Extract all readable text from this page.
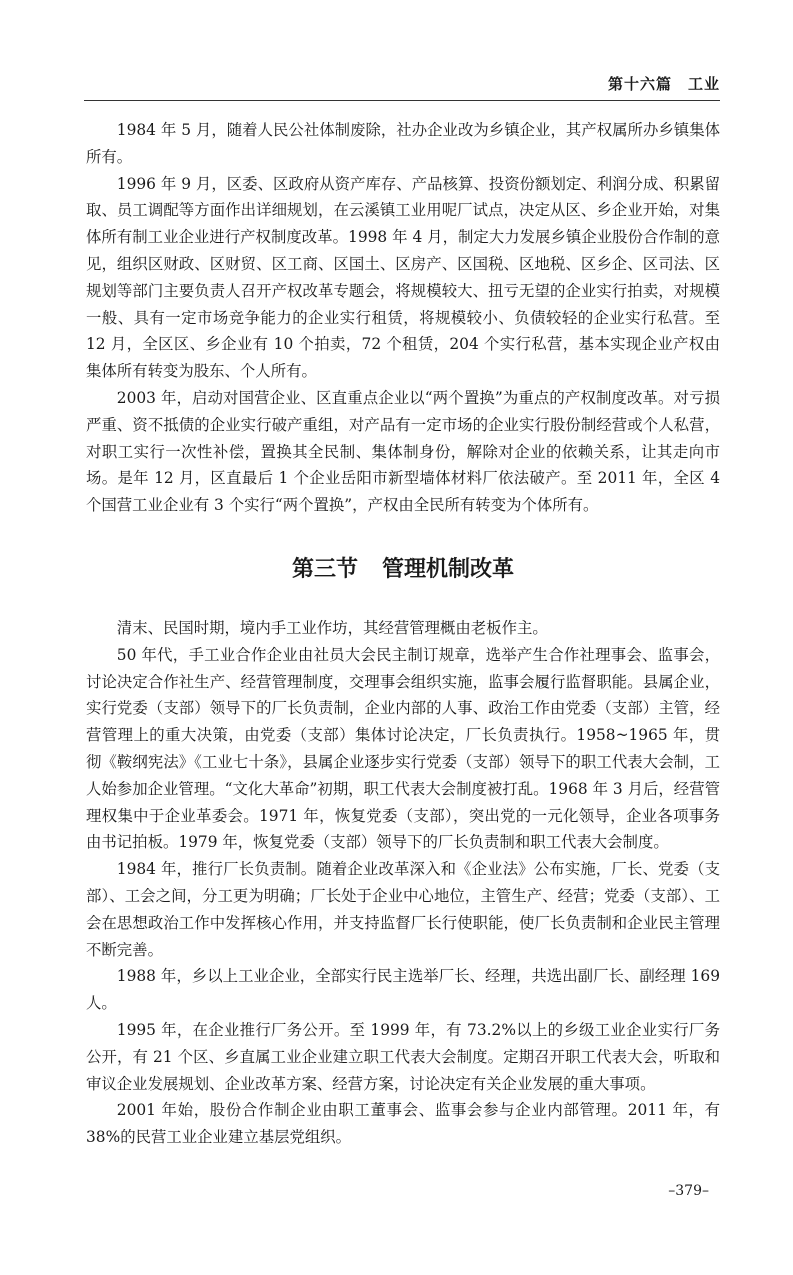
第十六篇 工业

1984 年 5 月，随着人民公社体制废除，社办企业改为乡镇企业，其产权属所办乡镇集体所有。

1996 年 9 月，区委、区政府从资产库存、产品核算、投资份额划定、利润分成、积累留取、员工调配等方面作出详细规划，在云溪镇工业用呢厂试点，决定从区、乡企业开始，对集体所有制工业企业进行产权制度改革。1998 年 4 月，制定大力发展乡镇企业股份合作制的意见，组织区财政、区财贸、区工商、区国土、区房产、区国税、区地税、区乡企、区司法、区规划等部门主要负责人召开产权改革专题会，将规模较大、扭亏无望的企业实行拍卖，对规模一般、具有一定市场竞争能力的企业实行租赁，将规模较小、负债较轻的企业实行私营。至 12 月，全区区、乡企业有 10 个拍卖，72 个租赁，204 个实行私营，基本实现企业产权由集体所有转变为股东、个人所有。

2003 年，启动对国营企业、区直重点企业以“两个置换”为重点的产权制度改革。对亏损严重、资不抵债的企业实行破产重组，对产品有一定市场的企业实行股份制经营或个人私营，对职工实行一次性补偿，置换其全民制、集体制身份，解除对企业的依赖关系，让其走向市场。是年 12 月，区直最后 1 个企业岳阳市新型墙体材料厂依法破产。至 2011 年，全区 4 个国营工业企业有 3 个实行“两个置换”，产权由全民所有转变为个体所有。

第三节 管理机制改革

清末、民国时期，境内手工业作坊，其经营管理概由老板作主。

50 年代，手工业合作企业由社员大会民主制订规章，选举产生合作社理事会、监事会，讨论决定合作社生产、经营管理制度，交理事会组织实施，监事会履行监督职能。县属企业，实行党委（支部）领导下的厂长负责制，企业内部的人事、政治工作由党委（支部）主管，经营管理上的重大决策，由党委（支部）集体讨论决定，厂长负责执行。1958~1965 年，贯彻《鞍纲宪法》《工业七十条》，县属企业逐步实行党委（支部）领导下的职工代表大会制，工人始参加企业管理。“文化大革命”初期，职工代表大会制度被打乱。1968 年 3 月后，经营管理权集中于企业革委会。1971 年，恢复党委（支部），突出党的一元化领导，企业各项事务由书记拍板。1979 年，恢复党委（支部）领导下的厂长负责制和职工代表大会制度。

1984 年，推行厂长负责制。随着企业改革深入和《企业法》公布实施，厂长、党委（支部）、工会之间，分工更为明确；厂长处于企业中心地位，主管生产、经营；党委（支部）、工会在思想政治工作中发挥核心作用，并支持监督厂长行使职能，使厂长负责制和企业民主管理不断完善。

1988 年，乡以上工业企业，全部实行民主选举厂长、经理，共选出副厂长、副经理 169 人。

1995 年，在企业推行厂务公开。至 1999 年，有 73.2%以上的乡级工业企业实行厂务公开，有 21 个区、乡直属工业企业建立职工代表大会制度。定期召开职工代表大会，听取和审议企业发展规划、企业改革方案、经营方案，讨论决定有关企业发展的重大事项。

2001 年始，股份合作制企业由职工董事会、监事会参与企业内部管理。2011 年，有 38%的民营工业企业建立基层党组织。

–379–
